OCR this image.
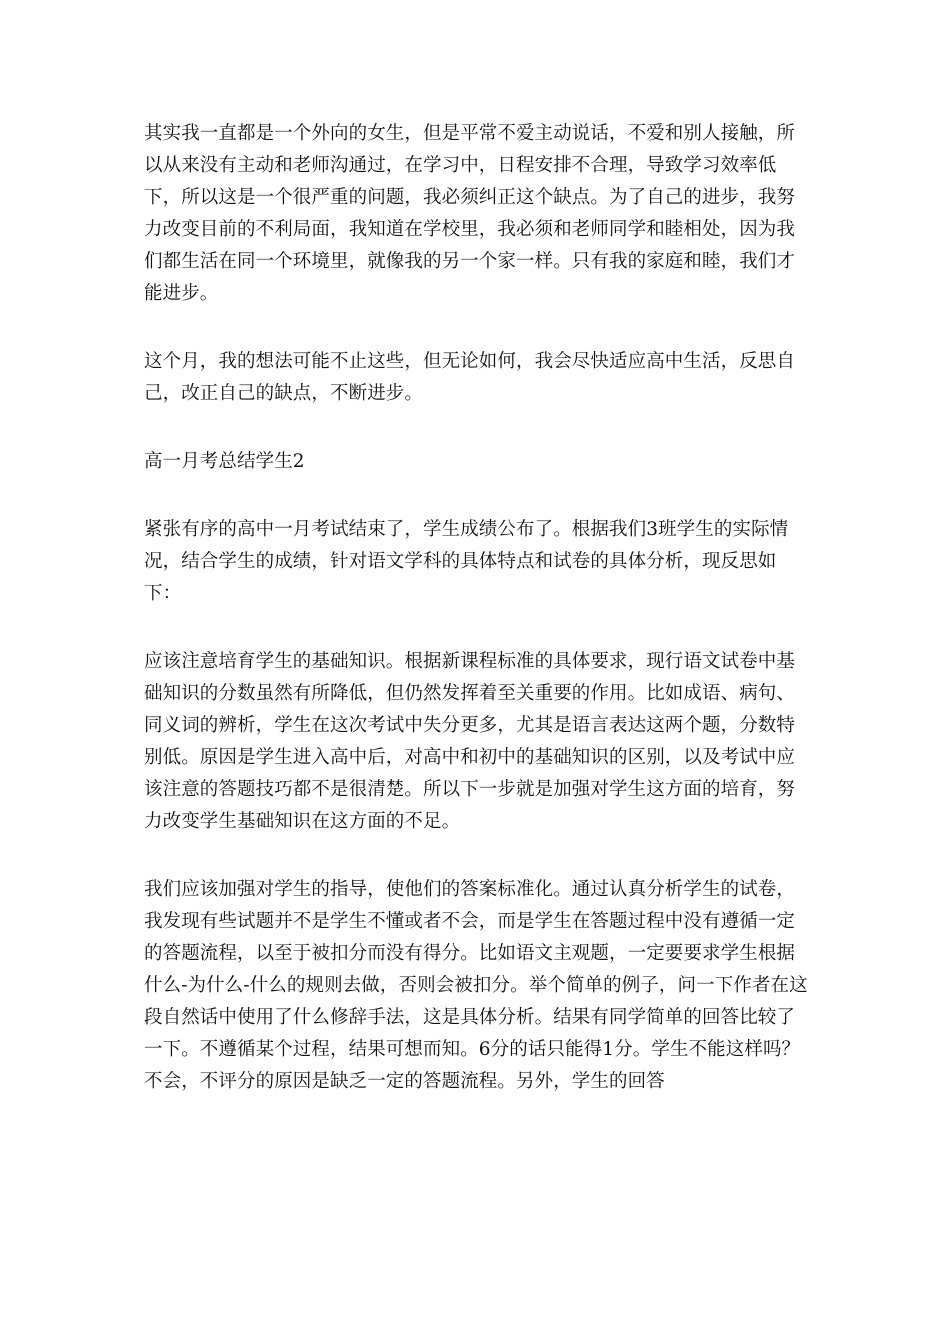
其实我一直都是一个外向的女生，但是平常不爱主动说话，不爱和别人接触，所以从来没有主动和老师沟通过，在学习中，日程安排不合理，导致学习效率低下，所以这是一个很严重的问题，我必须纠正这个缺点。为了自己的进步，我努力改变目前的不利局面，我知道在学校里，我必须和老师同学和睦相处，因为我们都生活在同一个环境里，就像我的另一个家一样。只有我的家庭和睦，我们才能进步。

这个月，我的想法可能不止这些，但无论如何，我会尽快适应高中生活，反思自己，改正自己的缺点，不断进步。

高一月考总结学生2

紧张有序的高中一月考试结束了，学生成绩公布了。根据我们3班学生的实际情况，结合学生的成绩，针对语文学科的具体特点和试卷的具体分析，现反思如下：

应该注意培育学生的基础知识。根据新课程标准的具体要求，现行语文试卷中基础知识的分数虽然有所降低，但仍然发挥着至关重要的作用。比如成语、病句、同义词的辨析，学生在这次考试中失分更多，尤其是语言表达这两个题，分数特别低。原因是学生进入高中后，对高中和初中的基础知识的区别，以及考试中应该注意的答题技巧都不是很清楚。所以下一步就是加强对学生这方面的培育，努力改变学生基础知识在这方面的不足。

我们应该加强对学生的指导，使他们的答案标准化。通过认真分析学生的试卷，我发现有些试题并不是学生不懂或者不会，而是学生在答题过程中没有遵循一定的答题流程，以至于被扣分而没有得分。比如语文主观题，一定要要求学生根据什么-为什么-什么的规则去做，否则会被扣分。举个简单的例子，问一下作者在这段自然话中使用了什么修辞手法，这是具体分析。结果有同学简单的回答比较了一下。不遵循某个过程，结果可想而知。6分的话只能得1分。学生不能这样吗？不会，不评分的原因是缺乏一定的答题流程。另外，学生的回答
